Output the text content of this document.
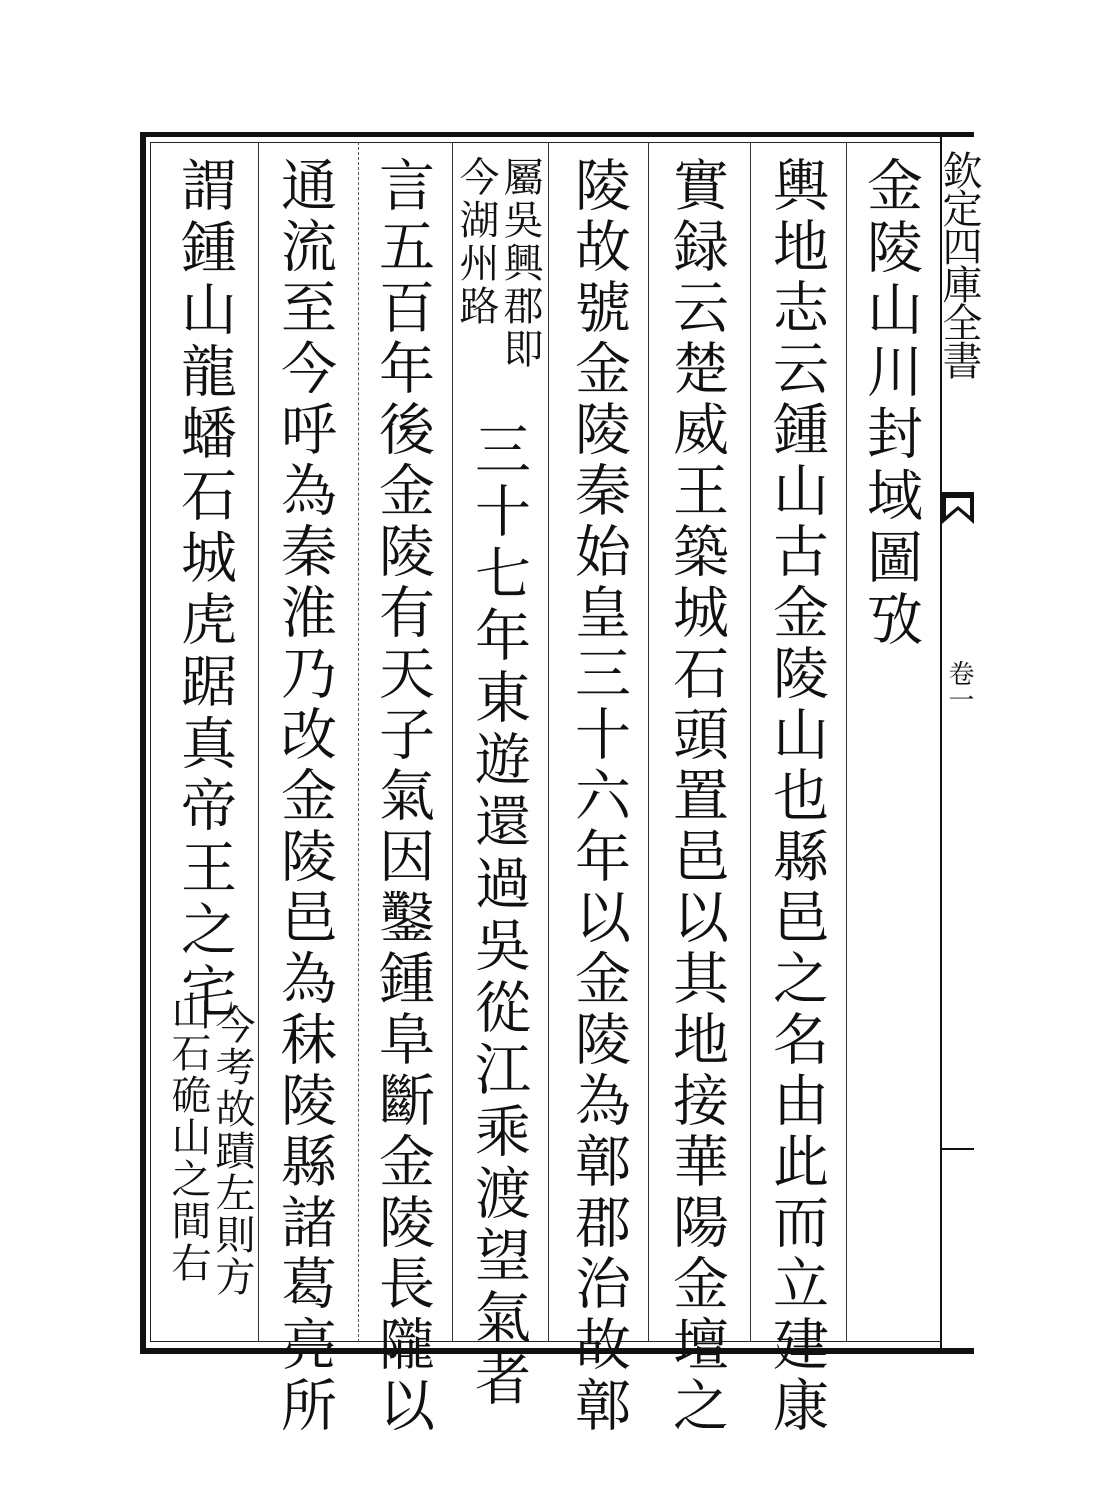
欽定四庫全書
卷一
金陵山川封域圖攷
輿地志云鍾山古金陵山也縣邑之名由此而立建康
實録云楚威王築城石頭置邑以其地接華陽金壇之
陵故號金陵秦始皇三十六年以金陵為鄣郡治故鄣
屬吳興郡即
今湖州路
三十七年東遊還過吳從江乘渡望氣者
言五百年後金陵有天子氣因鑿鍾阜斷金陵長隴以
通流至今呼為秦淮乃改金陵邑為秣陵縣諸葛亮所
謂鍾山龍蟠石城虎踞真帝王之宅
今考故蹟左則方
山石硊山之間右
